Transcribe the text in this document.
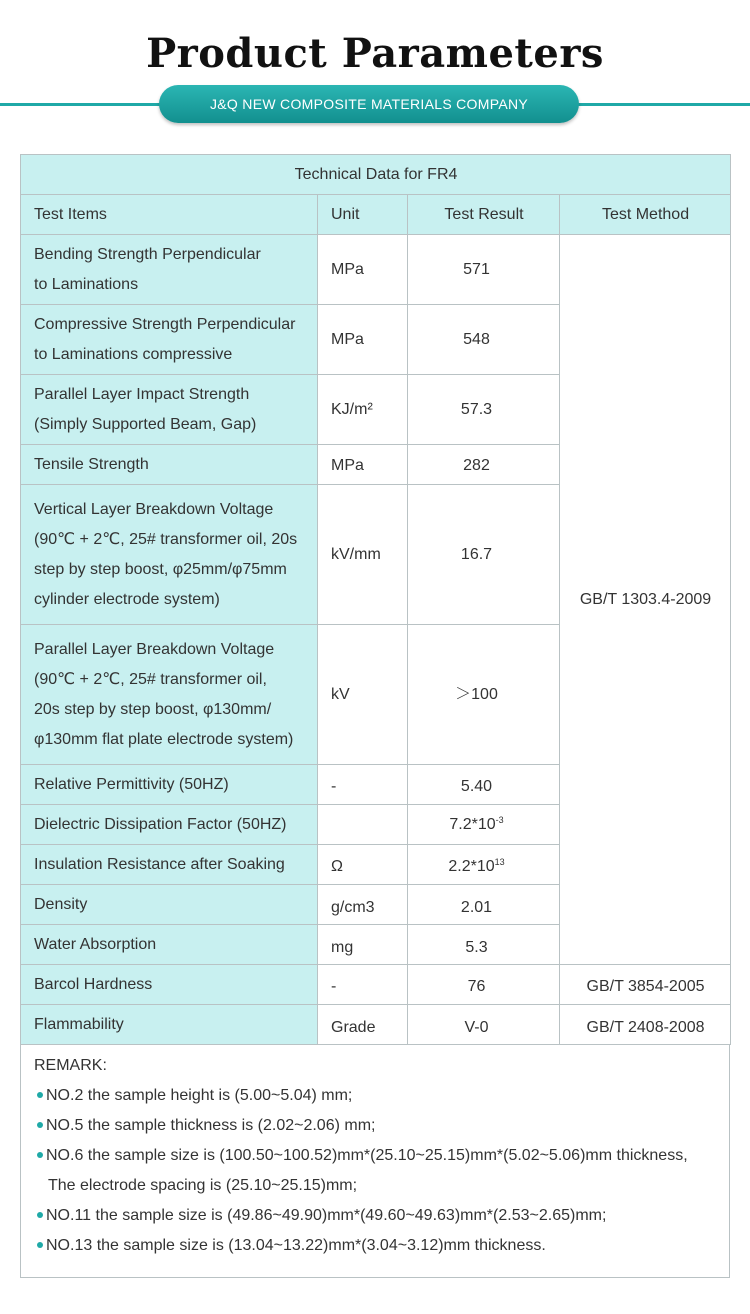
Product Parameters
J&Q NEW COMPOSITE MATERIALS COMPANY
Technical Data for FR4			
Test Items	Unit	Test Result	Test Method

Bending Strength Perpendicular
to Laminations	MPa	571	GB/T 1303.4-2009

Compressive Strength Perpendicular
to Laminations compressive	MPa	548	

Parallel Layer Impact Strength
(Simply Supported Beam, Gap)	KJ/m²	57.3	

Tensile Strength	MPa	282	

Vertical Layer Breakdown Voltage
(90℃ + 2℃, 25# transformer oil, 20s
step by step boost, φ25mm/φ75mm
cylinder electrode system)	kV/mm	16.7	

Parallel Layer Breakdown Voltage
(90℃ + 2℃, 25# transformer oil,
20s step by step boost, φ130mm/
φ130mm flat plate electrode system)	kV	＞100	

Relative Permittivity (50HZ)	-	5.40	

Dielectric Dissipation Factor (50HZ)		$7.2*10^{-3}$

Insulation Resistance after Soaking	Ω	$2.2*10^{13}$

Density	g/cm3	2.01	

Water Absorption	mg	5.3	

Barcol Hardness	-	76	GB/T 3854-2005

Flammability	Grade	V-0	GB/T 2408-2008
REMARK:
NO.2 the sample height is (5.00~5.04) mm;
NO.5 the sample thickness is (2.02~2.06) mm;
NO.6 the sample size is (100.50~100.52)mm*(25.10~25.15)mm*(5.02~5.06)mm thickness,
The electrode spacing is (25.10~25.15)mm;
NO.11 the sample size is (49.86~49.90)mm*(49.60~49.63)mm*(2.53~2.65)mm;
NO.13 the sample size is (13.04~13.22)mm*(3.04~3.12)mm thickness.
